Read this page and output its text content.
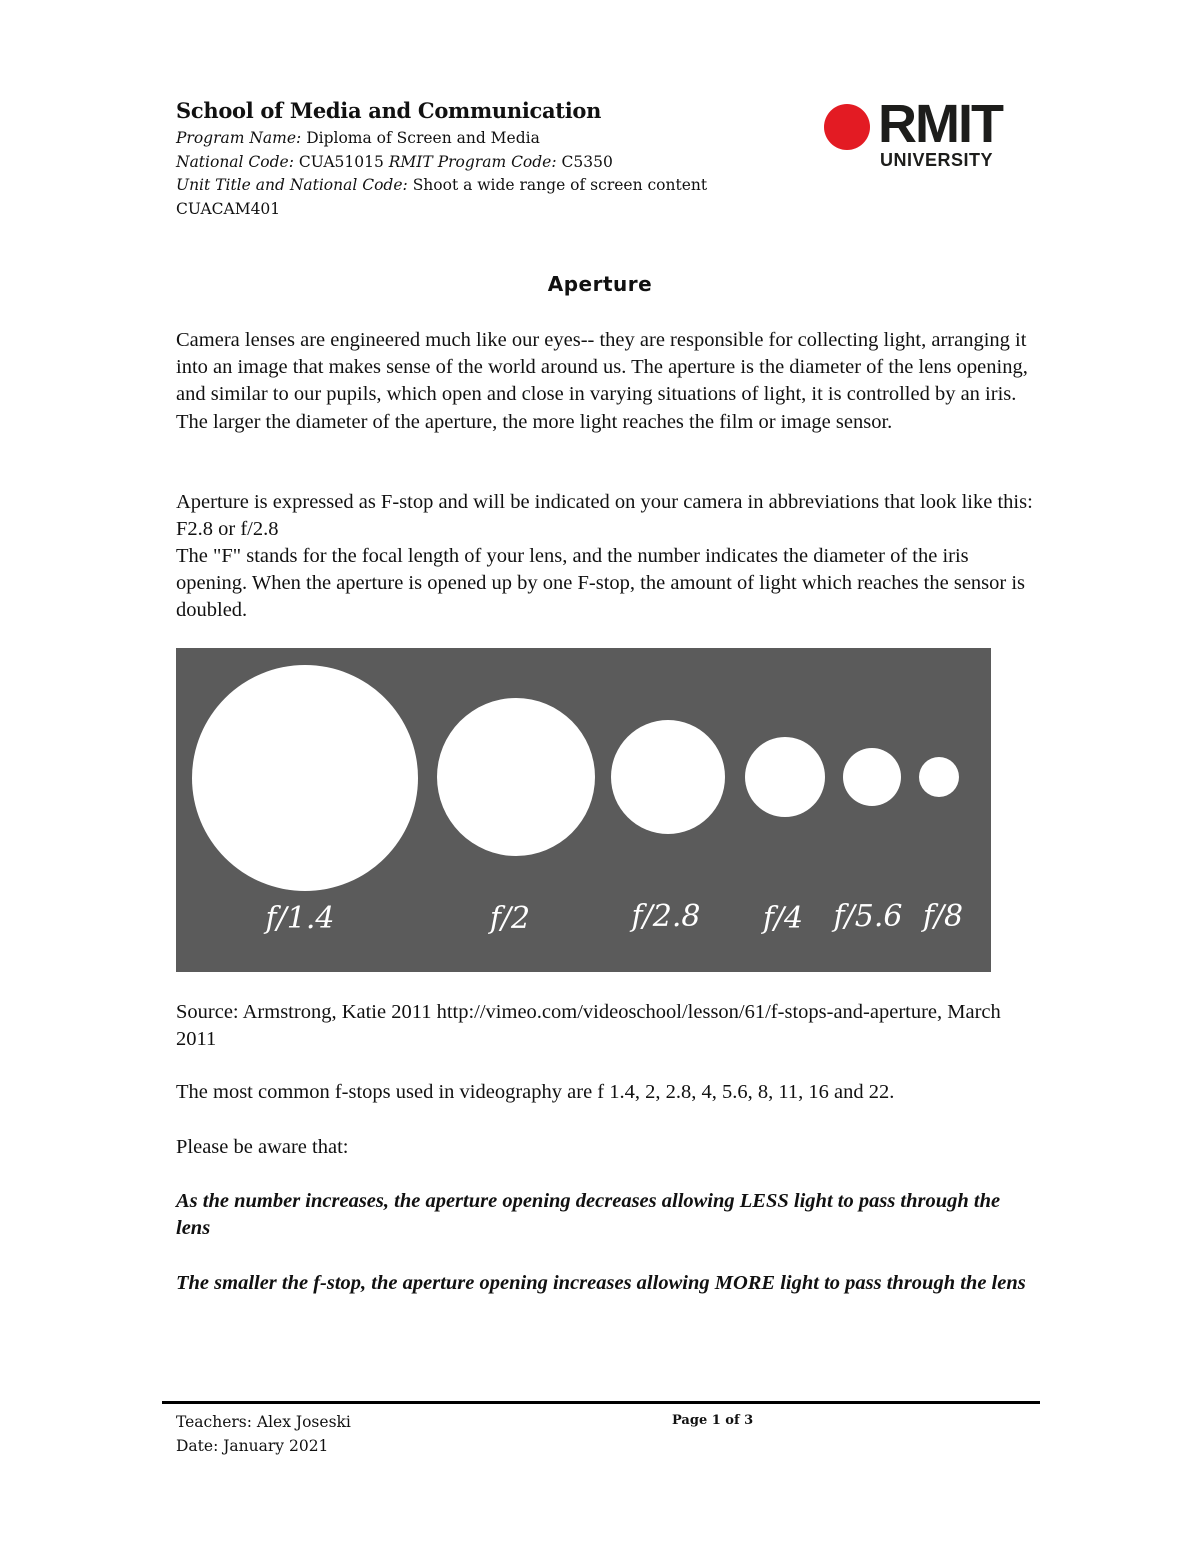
School of Media and Communication
Program Name: Diploma of Screen and Media
National Code: CUA51015 RMIT Program Code: C5350
Unit Title and National Code: Shoot a wide range of screen content
CUACAM401
RMIT
UNIVERSITY
Aperture

Camera lenses are engineered much like our eyes-- they are responsible for collecting light, arranging it into an image that makes sense of the world around us. The aperture is the diameter of the lens opening, and similar to our pupils, which open and close in varying situations of light, it is controlled by an iris. The larger the diameter of the aperture, the more light reaches the film or image sensor.

Aperture is expressed as F-stop and will be indicated on your camera in abbreviations that look like this: F2.8 or f/2.8

The "F" stands for the focal length of your lens, and the number indicates the diameter of the iris opening. When the aperture is opened up by one F-stop, the amount of light which reaches the sensor is doubled.

f/1.4	f/2	f/2.8 f/4 f/5.6 f/8

Source: Armstrong, Katie 2011 http://vimeo.com/videoschool/lesson/61/f-stops-and-aperture, March 2011

The most common f-stops used in videography are f 1.4, 2, 2.8, 4, 5.6, 8, 11, 16 and 22.

Please be aware that:

As the number increases, the aperture opening decreases allowing LESS light to pass through the lens

The smaller the f-stop, the aperture opening increases allowing MORE light to pass through the lens

Teachers: Alex Joseski
Date: January 2021
Page 1 of 3
